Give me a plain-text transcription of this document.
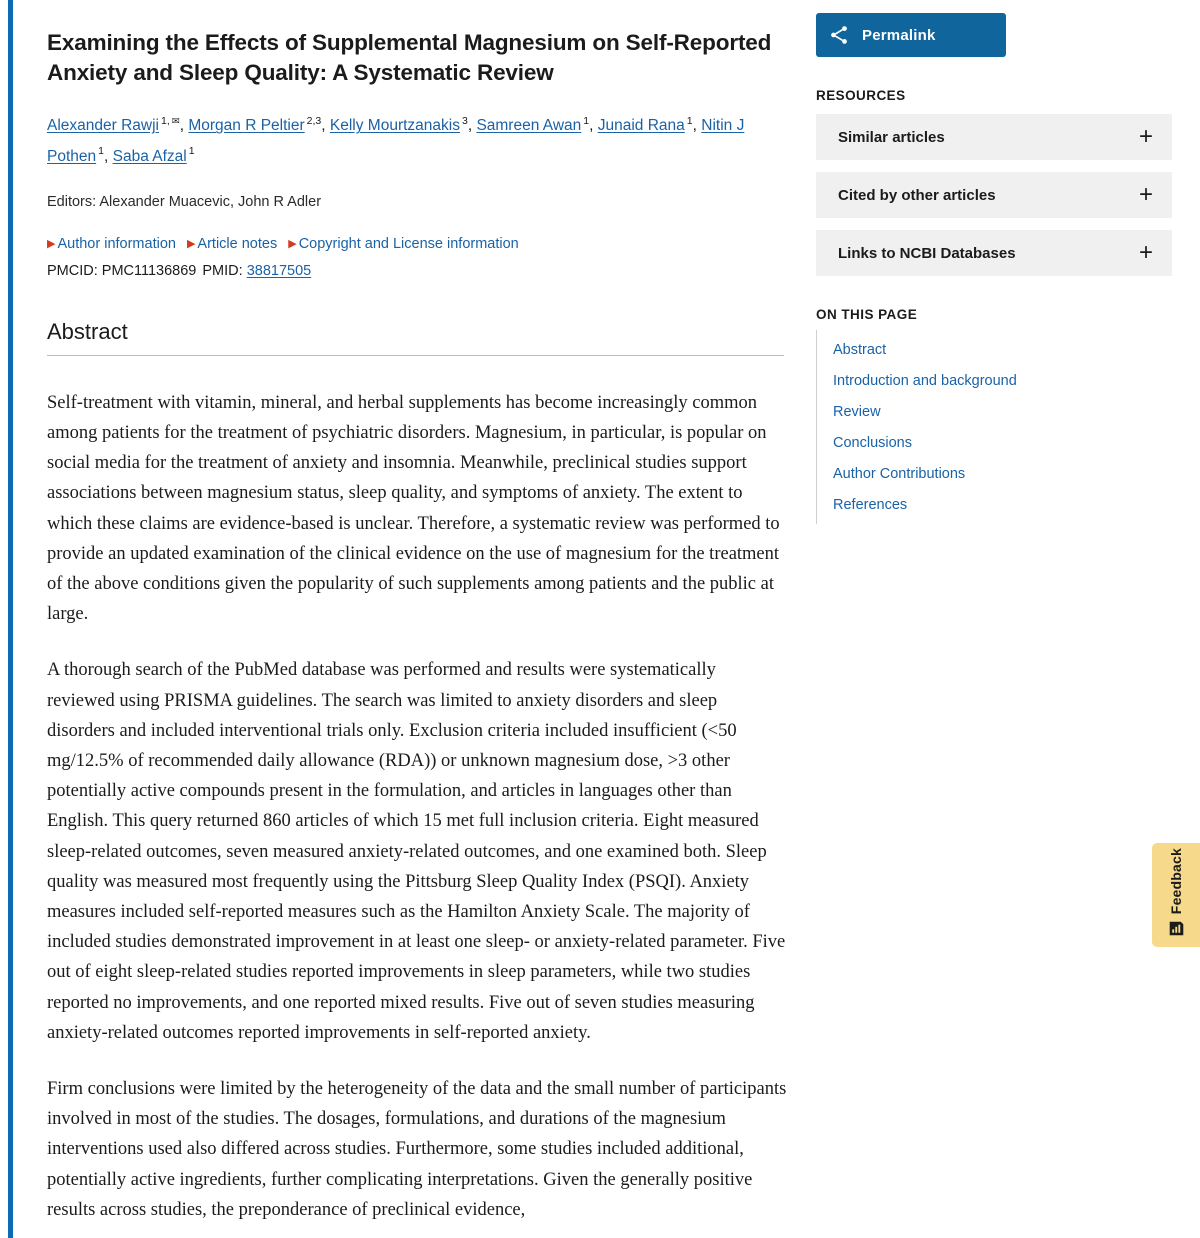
Examining the Effects of Supplemental Magnesium on Self-Reported Anxiety and Sleep Quality: A Systematic Review
Alexander Rawji $^{1,}$ ✉, Morgan R Peltier $^{2,3}$, Kelly Mourtzanakis $^3$, Samreen Awan $^1$, Junaid Rana $^1$, Nitin J Pothen $^1$, Saba Afzal $^1$
Editors: Alexander Muacevic, John R Adler
▶ Author information ▶ Article notes ▶ Copyright and License information
PMCID: PMC11136869 PMID: 38817505
Abstract

Self-treatment with vitamin, mineral, and herbal supplements has become increasingly common among patients for the treatment of psychiatric disorders. Magnesium, in particular, is popular on social media for the treatment of anxiety and insomnia. Meanwhile, preclinical studies support associations between magnesium status, sleep quality, and symptoms of anxiety. The extent to which these claims are evidence-based is unclear. Therefore, a systematic review was performed to provide an updated examination of the clinical evidence on the use of magnesium for the treatment of the above conditions given the popularity of such supplements among patients and the public at large.

A thorough search of the PubMed database was performed and results were systematically reviewed using PRISMA guidelines. The search was limited to anxiety disorders and sleep disorders and included interventional trials only. Exclusion criteria included insufficient (<50 mg/12.5% of recommended daily allowance (RDA)) or unknown magnesium dose, >3 other potentially active compounds present in the formulation, and articles in languages other than English. This query returned 860 articles of which 15 met full inclusion criteria. Eight measured sleep-related outcomes, seven measured anxiety-related outcomes, and one examined both. Sleep quality was measured most frequently using the Pittsburg Sleep Quality Index (PSQI). Anxiety measures included self-reported measures such as the Hamilton Anxiety Scale. The majority of included studies demonstrated improvement in at least one sleep- or anxiety-related parameter. Five out of eight sleep-related studies reported improvements in sleep parameters, while two studies reported no improvements, and one reported mixed results. Five out of seven studies measuring anxiety-related outcomes reported improvements in self-reported anxiety.

Firm conclusions were limited by the heterogeneity of the data and the small number of participants involved in most of the studies. The dosages, formulations, and durations of the magnesium interventions used also differed across studies. Furthermore, some studies included additional, potentially active ingredients, further complicating interpretations. Given the generally positive results across studies, the preponderance of preclinical evidence,

Permalink
RESOURCES
Similar articles	+
Cited by other articles	+
Links to NCBI Databases	+
ON THIS PAGE
Abstract
Introduction and background
Review
Conclusions
Author Contributions
References
Feedback
